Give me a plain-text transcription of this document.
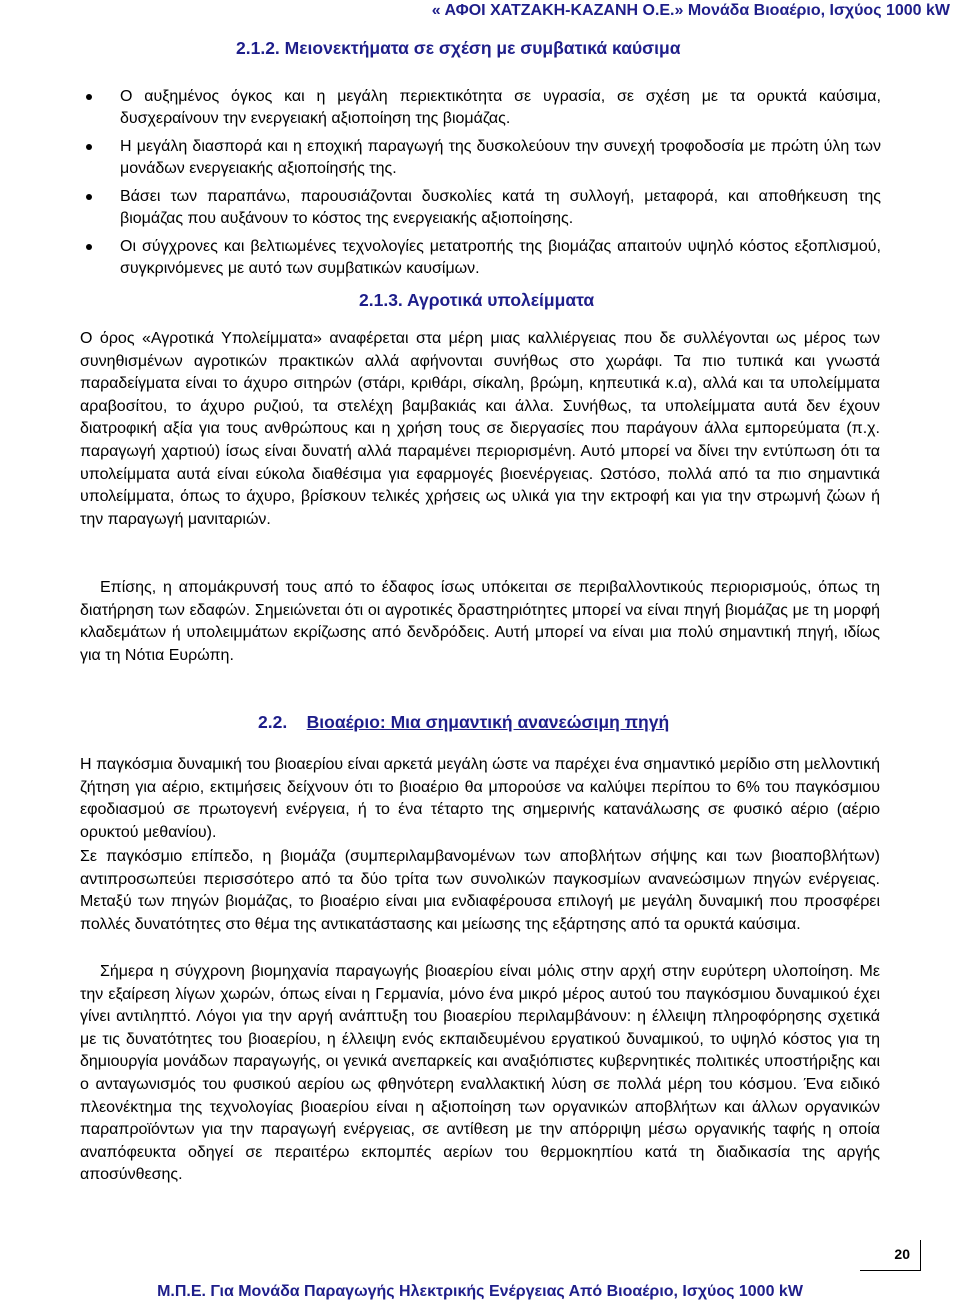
« ΑΦΟΙ ΧΑΤΖΑΚΗ-ΚΑΖΑΝΗ Ο.Ε.» Μονάδα Βιοαέριο, Ισχύος 1000 kW
2.1.2. Μειονεκτήματα σε σχέση με συμβατικά καύσιμα
Ο αυξημένος όγκος και η μεγάλη περιεκτικότητα σε υγρασία, σε σχέση με τα ορυκτά καύσιμα, δυσχεραίνουν την ενεργειακή αξιοποίηση της βιομάζας.
Η μεγάλη διασπορά και η εποχική παραγωγή της δυσκολεύουν την συνεχή τροφοδοσία με πρώτη ύλη των μονάδων ενεργειακής αξιοποίησής της.
Βάσει των παραπάνω, παρουσιάζονται δυσκολίες κατά τη συλλογή, μεταφορά, και αποθήκευση της βιομάζας που αυξάνουν το κόστος της ενεργειακής αξιοποίησης.
Οι σύγχρονες και βελτιωμένες τεχνολογίες μετατροπής της βιομάζας απαιτούν υψηλό κόστος εξοπλισμού, συγκρινόμενες με αυτό των συμβατικών καυσίμων.
2.1.3. Αγροτικά υπολείμματα

Ο όρος «Αγροτικά Υπολείμματα» αναφέρεται στα μέρη μιας καλλιέργειας που δε συλλέγονται ως μέρος των συνηθισμένων αγροτικών πρακτικών αλλά αφήνονται συνήθως στο χωράφι. Τα πιο τυπικά και γνωστά παραδείγματα είναι το άχυρο σιτηρών (στάρι, κριθάρι, σίκαλη, βρώμη, κηπευτικά κ.α), αλλά και τα υπολείμματα αραβοσίτου, το άχυρο ρυζιού, τα στελέχη βαμβακιάς και άλλα. Συνήθως, τα υπολείμματα αυτά δεν έχουν διατροφική αξία για τους ανθρώπους και η χρήση τους σε διεργασίες που παράγουν άλλα εμπορεύματα (π.χ. παραγωγή χαρτιού) ίσως είναι δυνατή αλλά παραμένει περιορισμένη. Αυτό μπορεί να δίνει την εντύπωση ότι τα υπολείμματα αυτά είναι εύκολα διαθέσιμα για εφαρμογές βιοενέργειας. Ωστόσο, πολλά από τα πιο σημαντικά υπολείμματα, όπως το άχυρο, βρίσκουν τελικές χρήσεις ως υλικά για την εκτροφή και για την στρωμνή ζώων ή την παραγωγή μανιταριών.

Επίσης, η απομάκρυνσή τους από το έδαφος ίσως υπόκειται σε περιβαλλοντικούς περιορισμούς, όπως τη διατήρηση των εδαφών. Σημειώνεται ότι οι αγροτικές δραστηριότητες μπορεί να είναι πηγή βιομάζας με τη μορφή κλαδεμάτων ή υπολειμμάτων εκρίζωσης από δενδρόδεις. Αυτή μπορεί να είναι μια πολύ σημαντική πηγή, ιδίως για τη Νότια Ευρώπη.

2.2. Βιοαέριο: Μια σημαντική ανανεώσιμη πηγή

Η παγκόσμια δυναμική του βιοαερίου είναι αρκετά μεγάλη ώστε να παρέχει ένα σημαντικό μερίδιο στη μελλοντική ζήτηση για αέριο, εκτιμήσεις δείχνουν ότι το βιοαέριο θα μπορούσε να καλύψει περίπου το 6% του παγκόσμιου εφοδιασμού σε πρωτογενή ενέργεια, ή το ένα τέταρτο της σημερινής κατανάλωσης σε φυσικό αέριο (αέριο ορυκτού μεθανίου).

Σε παγκόσμιο επίπεδο, η βιομάζα (συμπεριλαμβανομένων των αποβλήτων σήψης και των βιοαποβλήτων) αντιπροσωπεύει περισσότερο από τα δύο τρίτα των συνολικών παγκοσμίων ανανεώσιμων πηγών ενέργειας. Μεταξύ των πηγών βιομάζας, το βιοαέριο είναι μια ενδιαφέρουσα επιλογή με μεγάλη δυναμική που προσφέρει πολλές δυνατότητες στο θέμα της αντικατάστασης και μείωσης της εξάρτησης από τα ορυκτά καύσιμα.

Σήμερα η σύγχρονη βιομηχανία παραγωγής βιοαερίου είναι μόλις στην αρχή στην ευρύτερη υλοποίηση. Με την εξαίρεση λίγων χωρών, όπως είναι η Γερμανία, μόνο ένα μικρό μέρος αυτού του παγκόσμιου δυναμικού έχει γίνει αντιληπτό. Λόγοι για την αργή ανάπτυξη του βιοαερίου περιλαμβάνουν: η έλλειψη πληροφόρησης σχετικά με τις δυνατότητες του βιοαερίου, η έλλειψη ενός εκπαιδευμένου εργατικού δυναμικού, το υψηλό κόστος για τη δημιουργία μονάδων παραγωγής, οι γενικά ανεπαρκείς και αναξιόπιστες κυβερνητικές πολιτικές υποστήριξης και ο ανταγωνισμός του φυσικού αερίου ως φθηνότερη εναλλακτική λύση σε πολλά μέρη του κόσμου. Ένα ειδικό πλεονέκτημα της τεχνολογίας βιοαερίου είναι η αξιοποίηση των οργανικών αποβλήτων και άλλων οργανικών παραπροϊόντων για την παραγωγή ενέργειας, σε αντίθεση με την απόρριψη μέσω οργανικής ταφής η οποία αναπόφευκτα οδηγεί σε περαιτέρω εκπομπές αερίων του θερμοκηπίου κατά τη διαδικασία της αργής αποσύνθεσης.

20
Μ.Π.Ε. Για Μονάδα Παραγωγής Ηλεκτρικής Ενέργειας Από Βιοαέριο, Ισχύος 1000 kW
